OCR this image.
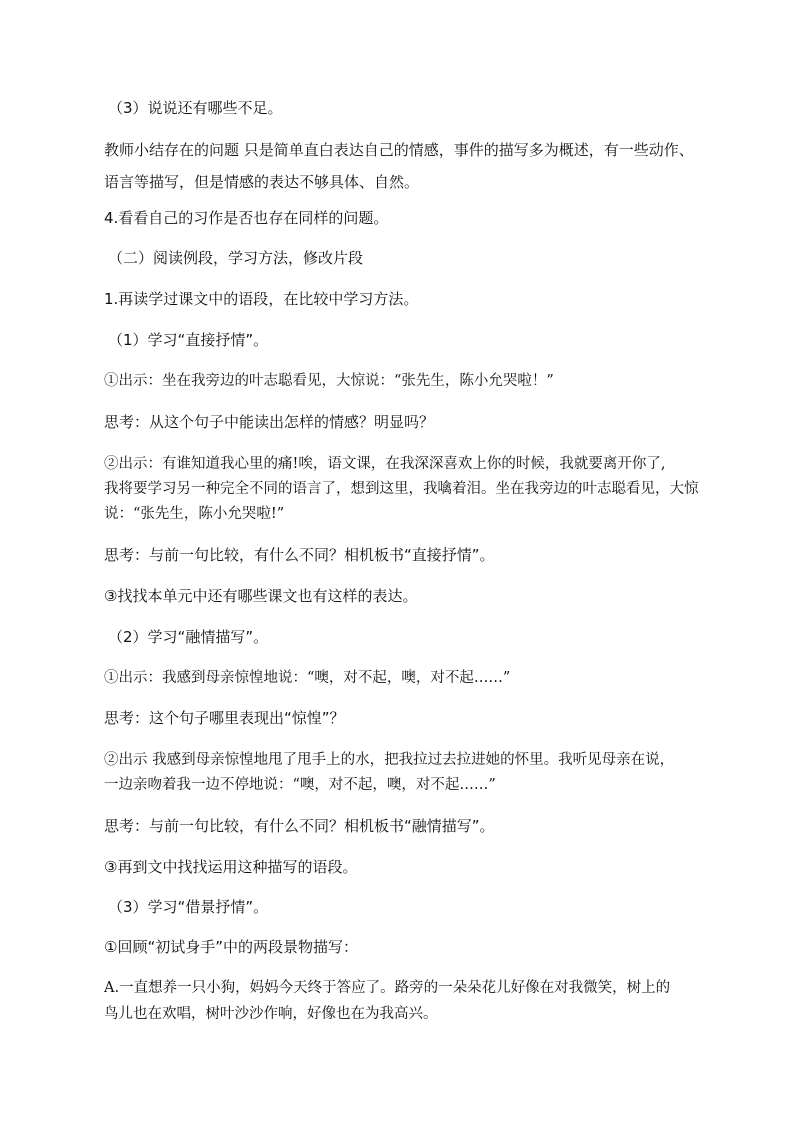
（3）说说还有哪些不足。
教师小结存在的问题 只是简单直白表达自己的情感，事件的描写多为概述，有一些动作、
语言等描写，但是情感的表达不够具体、自然。
4.看看自己的习作是否也存在同样的问题。
（二）阅读例段，学习方法，修改片段
1.再读学过课文中的语段，在比较中学习方法。
（1）学习“直接抒情”。
①出示：坐在我旁边的叶志聪看见，大惊说：“张先生，陈小允哭啦！”
思考：从这个句子中能读出怎样的情感？明显吗？
②出示：有谁知道我心里的痛!唉，语文课，在我深深喜欢上你的时候，我就要离开你了,
我将要学习另一种完全不同的语言了，想到这里，我噙着泪。坐在我旁边的叶志聪看见，大惊
说：“张先生，陈小允哭啦!”
思考：与前一句比较，有什么不同？相机板书“直接抒情”。
③找找本单元中还有哪些课文也有这样的表达。
（2）学习“融情描写”。
①出示：我感到母亲惊惶地说：“噢，对不起，噢，对不起……”
思考：这个句子哪里表现出“惊惶”？
②出示 我感到母亲惊惶地甩了甩手上的水，把我拉过去拉进她的怀里。我听见母亲在说，
一边亲吻着我一边不停地说：“噢，对不起，噢，对不起……”
思考：与前一句比较，有什么不同？相机板书“融情描写”。
③再到文中找找运用这种描写的语段。
（3）学习“借景抒情”。
①回顾“初试身手”中的两段景物描写：
A.一直想养一只小狗，妈妈今天终于答应了。路旁的一朵朵花儿好像在对我微笑，树上的
鸟儿也在欢唱，树叶沙沙作响，好像也在为我高兴。
